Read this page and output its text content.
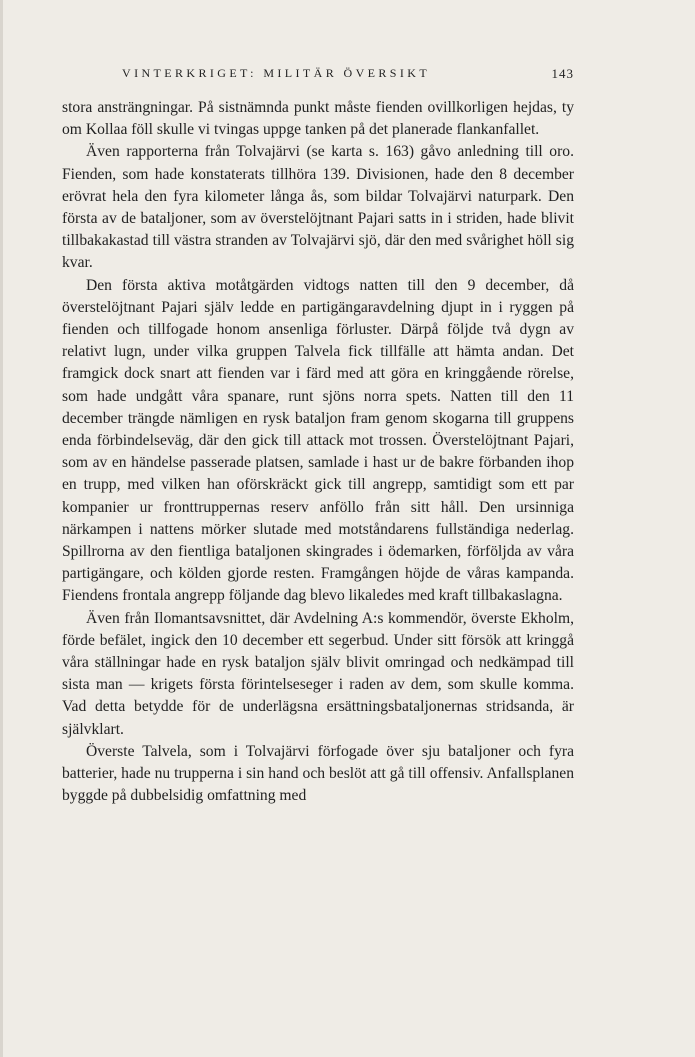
VINTERKRIGET: MILITÄR ÖVERSIKT	143

stora ansträngningar. På sistnämnda punkt måste fienden ovillkorligen hejdas, ty om Kollaa föll skulle vi tvingas uppge tanken på det planerade flankanfallet.

Även rapporterna från Tolvajärvi (se karta s. 163) gåvo anledning till oro. Fienden, som hade konstaterats tillhöra 139. Divisionen, hade den 8 december erövrat hela den fyra kilometer långa ås, som bildar Tolvajärvi naturpark. Den första av de bataljoner, som av överstelöjtnant Pajari satts in i striden, hade blivit tillbakakastad till västra stranden av Tolvajärvi sjö, där den med svårighet höll sig kvar.

Den första aktiva motåtgärden vidtogs natten till den 9 december, då överstelöjtnant Pajari själv ledde en partigängaravdelning djupt in i ryggen på fienden och tillfogade honom ansenliga förluster. Därpå följde två dygn av relativt lugn, under vilka gruppen Talvela fick tillfälle att hämta andan. Det framgick dock snart att fienden var i färd med att göra en kringgående rörelse, som hade undgått våra spanare, runt sjöns norra spets. Natten till den 11 december trängde nämligen en rysk bataljon fram genom skogarna till gruppens enda förbindelseväg, där den gick till attack mot trossen. Överstelöjtnant Pajari, som av en händelse passerade platsen, samlade i hast ur de bakre förbanden ihop en trupp, med vilken han oförskräckt gick till angrepp, samtidigt som ett par kompanier ur fronttruppernas reserv anföllo från sitt håll. Den ursinniga närkampen i nattens mörker slutade med motståndarens fullständiga nederlag. Spillrorna av den fientliga bataljonen skingrades i ödemarken, förföljda av våra partigängare, och kölden gjorde resten. Framgången höjde de våras kampanda. Fiendens frontala angrepp följande dag blevo likaledes med kraft tillbakaslagna.

Även från Ilomantsavsnittet, där Avdelning A:s kommendör, överste Ekholm, förde befälet, ingick den 10 december ett segerbud. Under sitt försök att kringgå våra ställningar hade en rysk bataljon själv blivit omringad och nedkämpad till sista man — krigets första förintelseseger i raden av dem, som skulle komma. Vad detta betydde för de underlägsna ersättningsbataljonernas stridsanda, är självklart.

Överste Talvela, som i Tolvajärvi förfogade över sju bataljoner och fyra batterier, hade nu trupperna i sin hand och beslöt att gå till offensiv. Anfallsplanen byggde på dubbelsidig omfattning med
